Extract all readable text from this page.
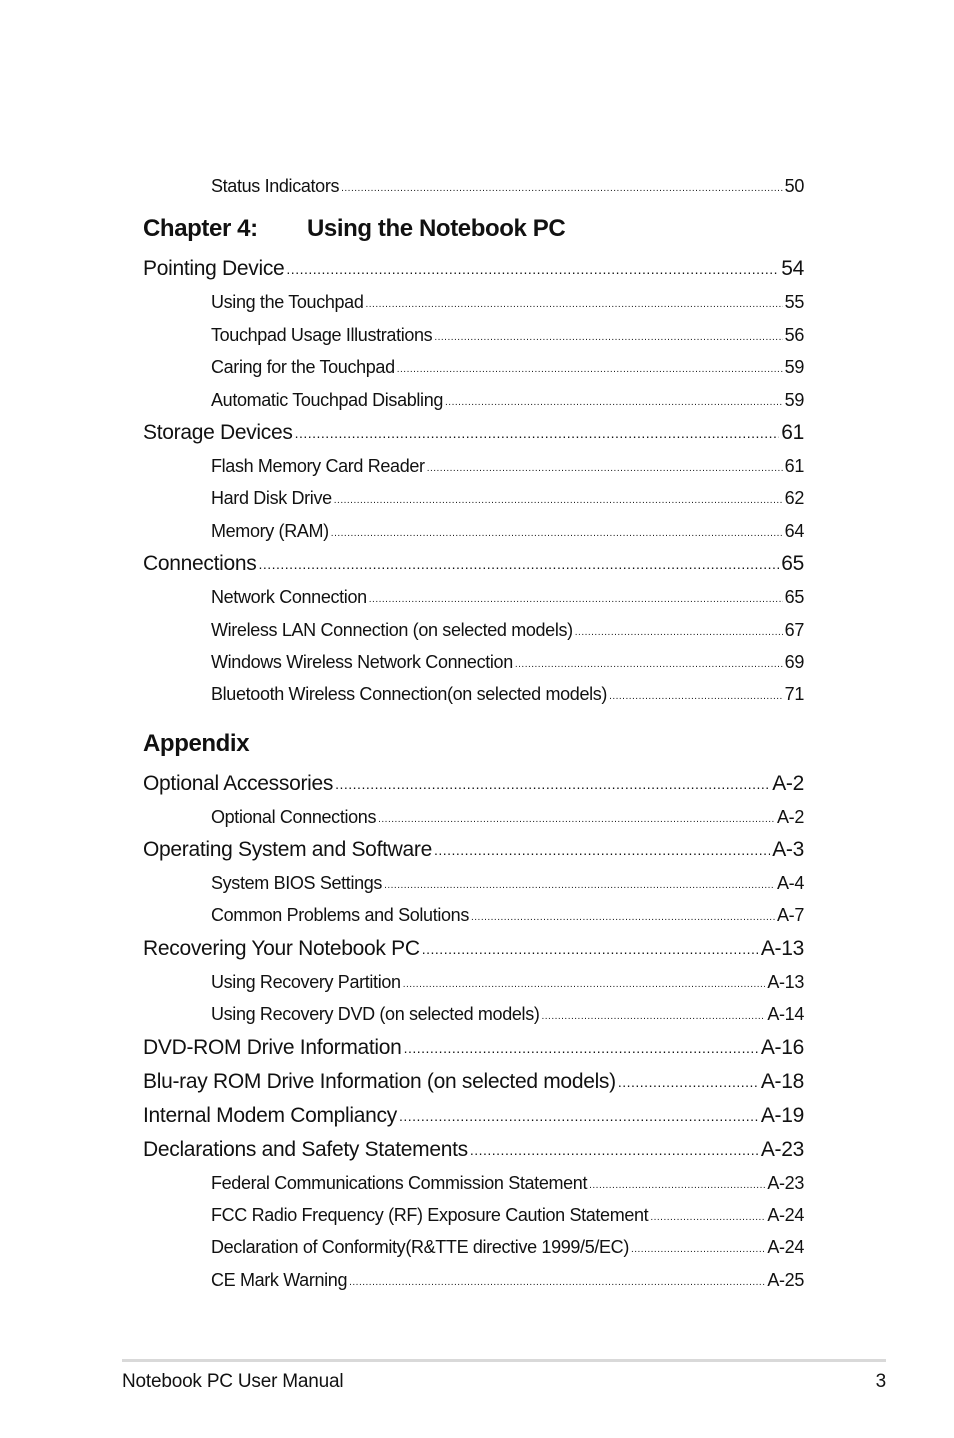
Status Indicators .....	50
Chapter 4:	Using the Notebook PC
Pointing Device .....	54
Using the Touchpad .....	55
Touchpad Usage Illustrations .....	56
Caring for the Touchpad .....	59
Automatic Touchpad Disabling .....	59
Storage Devices .....	61
Flash Memory Card Reader .....	61
Hard Disk Drive .....	62
Memory (RAM) .....	64
Connections .....	65
Network Connection .....	65
Wireless LAN Connection (on selected models) .....	67
Windows Wireless Network Connection .....	69
Bluetooth Wireless Connection(on selected models) .....	71
Appendix
Optional Accessories .....	A-2
Optional Connections .....	A-2
Operating System and Software .....	A-3
System BIOS Settings .....	A-4
Common Problems and Solutions .....	A-7
Recovering Your Notebook PC .....	A-13
Using Recovery Partition .....	A-13
Using Recovery DVD (on selected models) .....	A-14
DVD-ROM Drive Information .....	A-16
Blu-ray ROM Drive Information (on selected models) .....	A-18
Internal Modem Compliancy .....	A-19
Declarations and Safety Statements .....	A-23
Federal Communications Commission Statement .....	A-23
FCC Radio Frequency (RF) Exposure Caution Statement .....	A-24
Declaration of Conformity(R&TTE directive 1999/5/EC) .....	A-24
CE Mark Warning .....	A-25
Notebook PC User Manual	3
